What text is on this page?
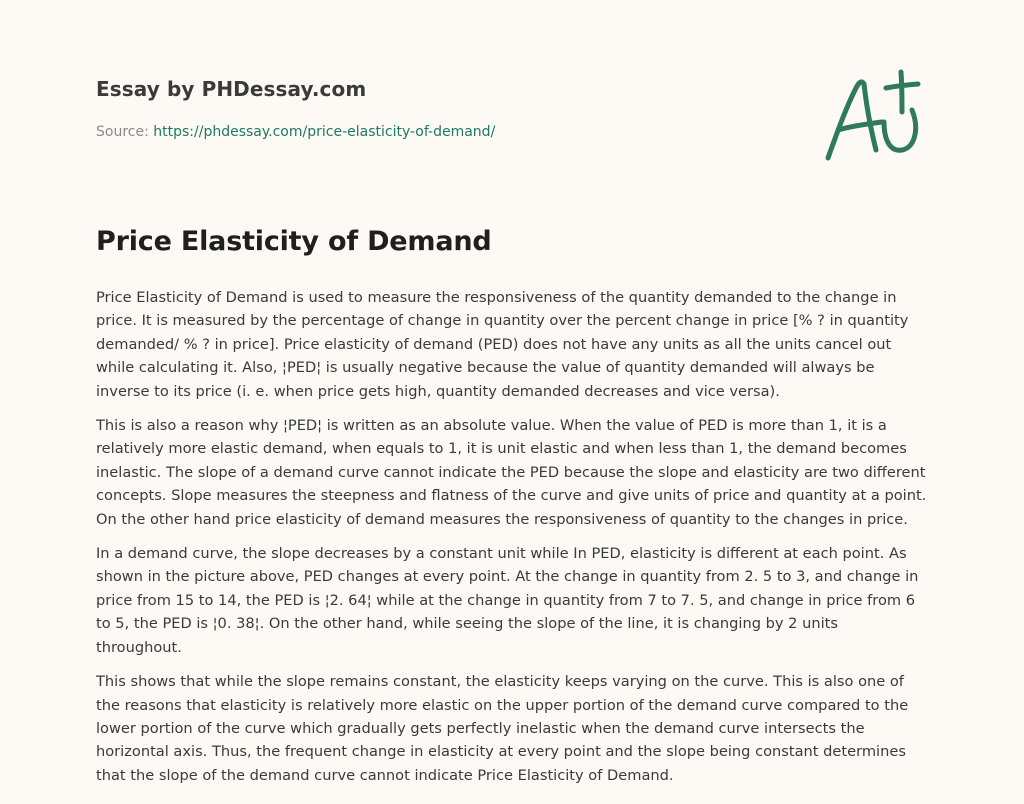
Essay by PHDessay.com
Source: https://phdessay.com/price-elasticity-of-demand/
Price Elasticity of Demand

Price Elasticity of Demand is used to measure the responsiveness of the quantity demanded to the change in price. It is measured by the percentage of change in quantity over the percent change in price [% ? in quantity demanded/ % ? in price]. Price elasticity of demand (PED) does not have any units as all the units cancel out while calculating it. Also, ¦PED¦ is usually negative because the value of quantity demanded will always be inverse to its price (i. e. when price gets high, quantity demanded decreases and vice versa).

This is also a reason why ¦PED¦ is written as an absolute value. When the value of PED is more than 1, it is a relatively more elastic demand, when equals to 1, it is unit elastic and when less than 1, the demand becomes inelastic. The slope of a demand curve cannot indicate the PED because the slope and elasticity are two different concepts. Slope measures the steepness and flatness of the curve and give units of price and quantity at a point. On the other hand price elasticity of demand measures the responsiveness of quantity to the changes in price.

In a demand curve, the slope decreases by a constant unit while In PED, elasticity is different at each point. As shown in the picture above, PED changes at every point. At the change in quantity from 2. 5 to 3, and change in price from 15 to 14, the PED is ¦2. 64¦ while at the change in quantity from 7 to 7. 5, and change in price from 6 to 5, the PED is ¦0. 38¦. On the other hand, while seeing the slope of the line, it is changing by 2 units throughout.

This shows that while the slope remains constant, the elasticity keeps varying on the curve. This is also one of the reasons that elasticity is relatively more elastic on the upper portion of the demand curve compared to the lower portion of the curve which gradually gets perfectly inelastic when the demand curve intersects the horizontal axis. Thus, the frequent change in elasticity at every point and the slope being constant determines that the slope of the demand curve cannot indicate Price Elasticity of Demand.
